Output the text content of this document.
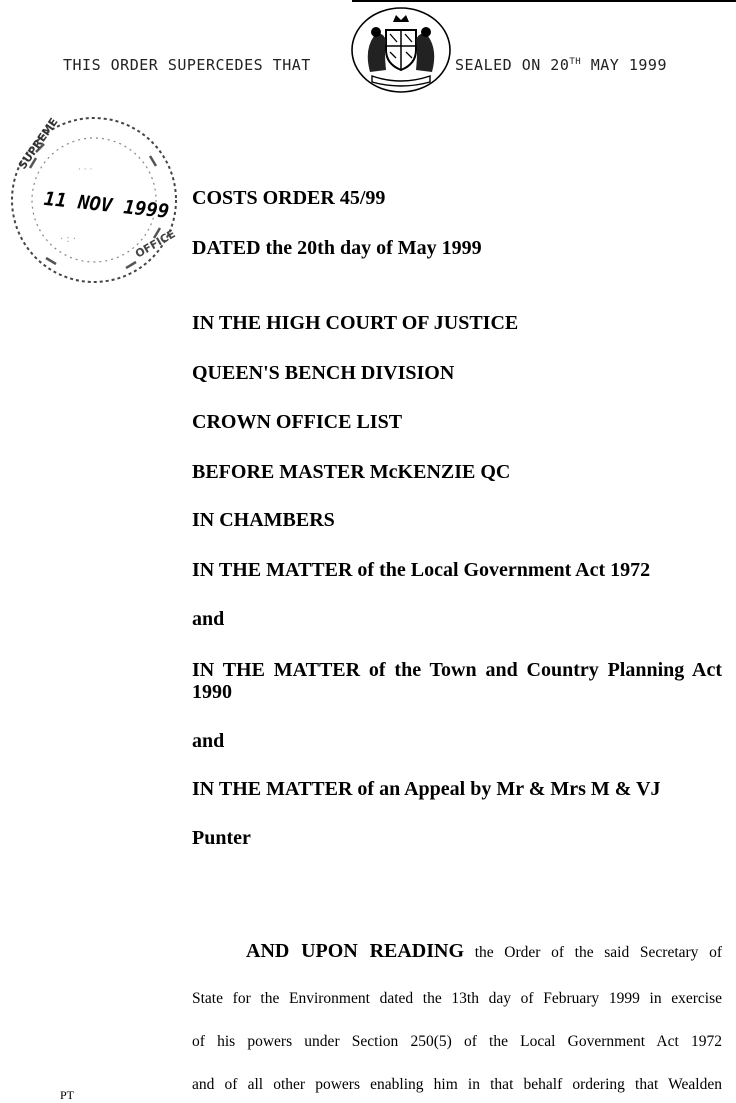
THIS ORDER SUPERCEDES THAT	SEALED ON 20TH MAY 1999
SUPREME
OFFICE
11 NOV 1999
· · ·
· : ·
COSTS ORDER 45/99
DATED the 20th day of May 1999
IN THE HIGH COURT OF JUSTICE
QUEEN'S BENCH DIVISION
CROWN OFFICE LIST
BEFORE MASTER McKENZIE QC
IN CHAMBERS
IN THE MATTER of the Local Government Act 1972
and
IN THE MATTER of the Town and Country Planning Act 1990
and
IN THE MATTER of an Appeal by Mr & Mrs M & VJ
Punter
AND UPON READING the Order of the said Secretary of
State for the Environment dated the 13th day of February 1999 in exercise
of his powers under Section 250(5) of the Local Government Act 1972
and of all other powers enabling him in that behalf ordering that Wealden
PT
